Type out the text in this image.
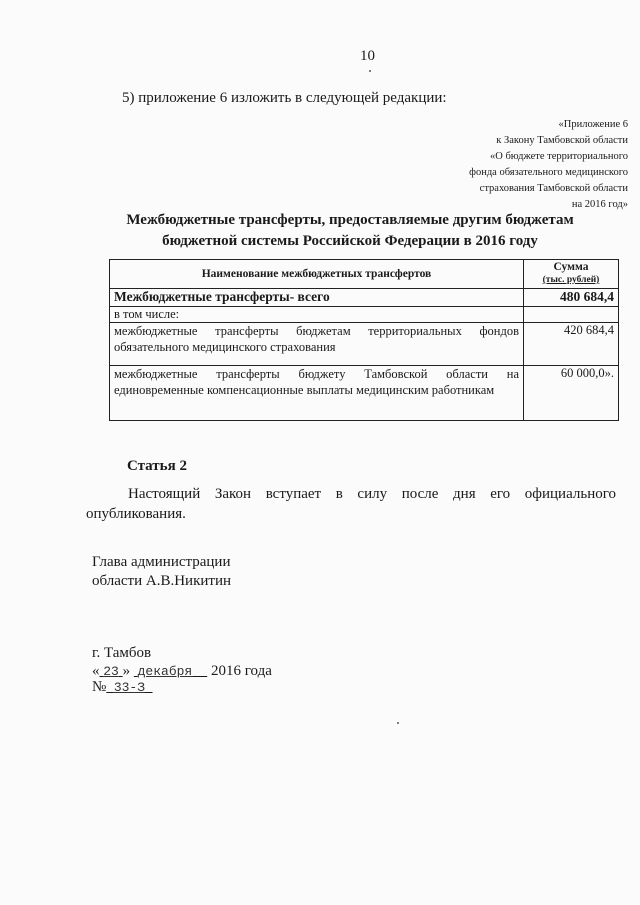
10
5) приложение 6 изложить в следующей редакции:
«Приложение 6
к Закону Тамбовской области
«О бюджете территориального
фонда обязательного медицинского
страхования Тамбовской области
на 2016 год»
Межбюджетные трансферты, предоставляемые другим бюджетам
бюджетной системы Российской Федерации в 2016 году
Наименование межбюджетных трансфертов	Сумма
(тыс. рублей)

Межбюджетные трансферты- всего	480 684,4
в том числе:	
межбюджетные трансферты бюджетам территориальных фондов обязательного медицинского страхования	420 684,4
межбюджетные трансферты бюджету Тамбовской области на единовременные компенсационные выплаты медицинским работникам	60 000,0».
Статья 2
Настоящий Закон вступает в силу после дня его официального опубликования.
Глава администрации
области А.В.Никитин
г. Тамбов
« 23 » декабря 2016 года
№ 33-З
